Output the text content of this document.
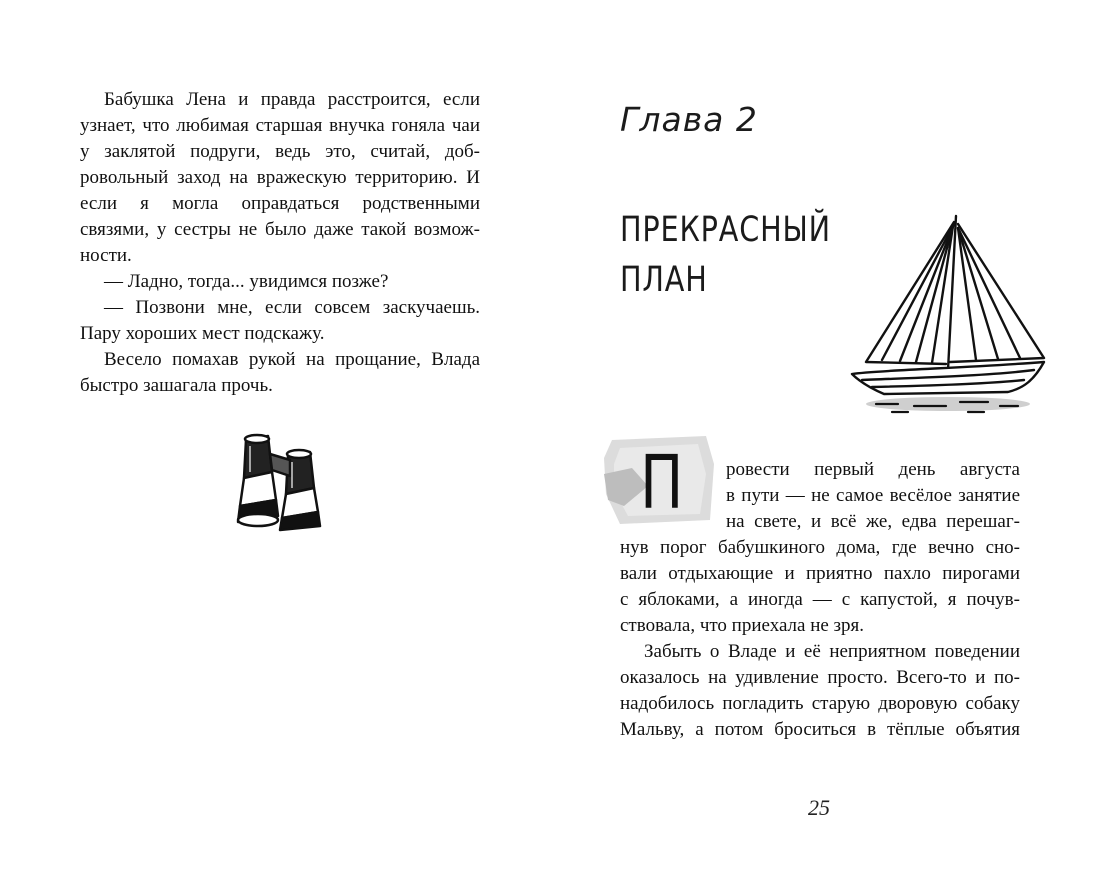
Бабушка Лена и правда расстроится, если узнает, что любимая старшая внучка гоняла чаи у заклятой подруги, ведь это, считай, добровольный заход на вражескую территорию. И если я могла оправдаться родственными связями, у сестры не было даже такой возможности.

— Ладно, тогда... увидимся позже?

— Позвони мне, если совсем заскучаешь. Пару хороших мест подскажу.

Весело помахав рукой на прощание, Влада быстро зашагала прочь.

Глава 2
ПРЕКРАСНЫЙ
ПЛАН
П ровести первый день августа
в пути — не самое весёлое занятие
на свете, и всё же, едва перешаг-
нув порог бабушкиного дома, где вечно сно-
вали отдыхающие и приятно пахло пирогами
с яблоками, а иногда — с капустой, я почув-
ствовала, что приехала не зря.
Забыть о Владе и её неприятном поведении
оказалось на удивление просто. Всего-то и по-
надобилось погладить старую дворовую собаку
Мальву, а потом броситься в тёплые объятия
25
